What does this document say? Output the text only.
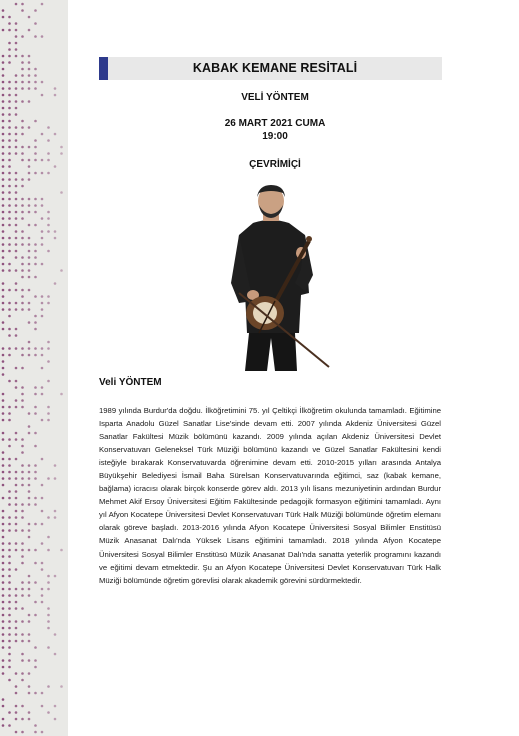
KABAK KEMANE RESİTALİ
VELİ YÖNTEM
26 MART 2021 CUMA
19:00
ÇEVRİMİÇİ
Veli YÖNTEM
1989 yılında Burdur'da doğdu. İlköğretimini 75. yıl Çeltikçi İlköğretim okulunda tamamladı. Eğitimine Isparta Anadolu Güzel Sanatlar Lise'sinde devam etti. 2007 yılında Akdeniz Üniversitesi Güzel Sanatlar Fakültesi Müzik bölümünü kazandı. 2009 yılında açılan Akdeniz Üniversitesi Devlet Konservatuvarı Geleneksel Türk Müziği bölümünü kazandı ve Güzel Sanatlar Fakültesini kendi isteğiyle bırakarak Konservatuvarda öğrenimine devam etti. 2010-2015 yılları arasında Antalya Büyükşehir Belediyesi İsmail Baha Sürelsan Konservatuvarında eğitimci, saz (kabak kemane, bağlama) icracısı olarak birçok konserde görev aldı. 2013 yılı lisans mezuniyetinin ardından Burdur Mehmet Akif Ersoy Üniversitesi Eğitim Fakültesinde pedagojik formasyon eğitimini tamamladı. Aynı yıl Afyon Kocatepe Üniversitesi Devlet Konservatuvarı Türk Halk Müziği bölümünde öğretim elemanı olarak göreve başladı. 2013-2016 yılında Afyon Kocatepe Üniversitesi Sosyal Bilimler Enstitüsü Müzik Anasanat Dalı'nda Yüksek Lisans eğitimini tamamladı. 2018 yılında Afyon Kocatepe Üniversitesi Sosyal Bilimler Enstitüsü Müzik Anasanat Dalı'nda sanatta yeterlik programını kazandı ve eğitimi devam etmektedir. Şu an Afyon Kocatepe Üniversitesi Devlet Konservatuvarı Türk Halk Müziği bölümünde öğretim görevlisi olarak akademik görevini sürdürmektedir.
